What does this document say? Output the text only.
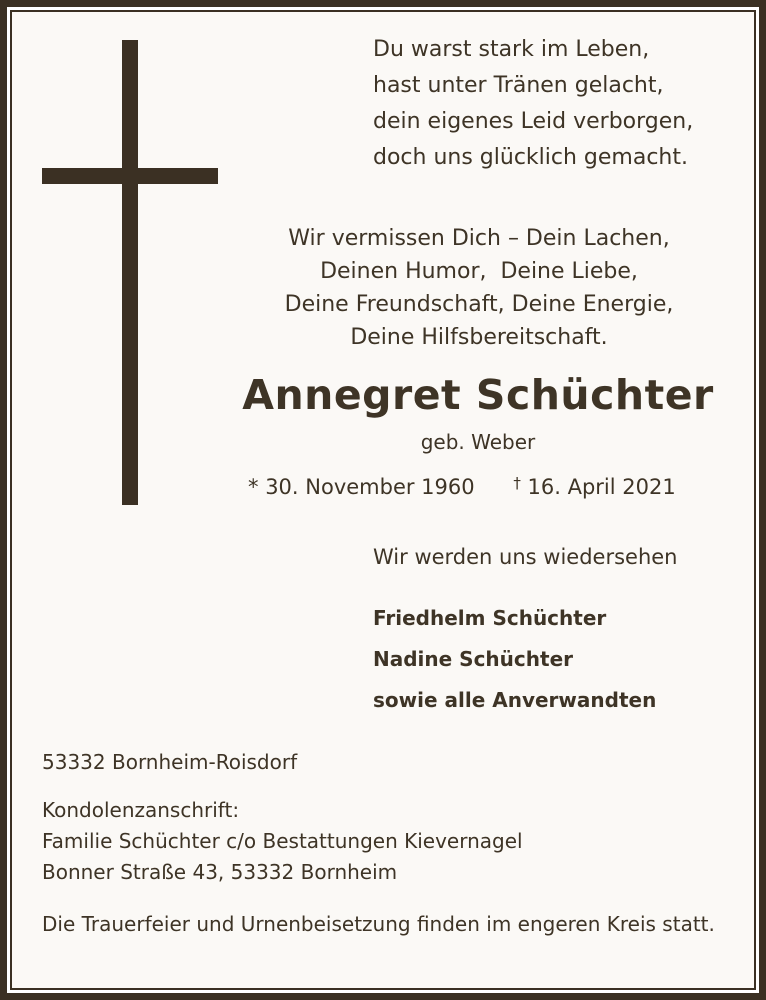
Du warst stark im Leben,
hast unter Tränen gelacht,
dein eigenes Leid verborgen,
doch uns glücklich gemacht.
Wir vermissen Dich – Dein Lachen,
Deinen Humor,  Deine Liebe,
Deine Freundschaft, Deine Energie,
Deine Hilfsbereitschaft.
Annegret Schüchter
geb. Weber
* 30. November 1960	† 16. April 2021
Wir werden uns wiedersehen
Friedhelm Schüchter
Nadine Schüchter
sowie alle Anverwandten
53332 Bornheim-Roisdorf
Kondolenzanschrift:
Familie Schüchter c/o Bestattungen Kievernagel
Bonner Straße 43, 53332 Bornheim
Die Trauerfeier und Urnenbeisetzung finden im engeren Kreis statt.
